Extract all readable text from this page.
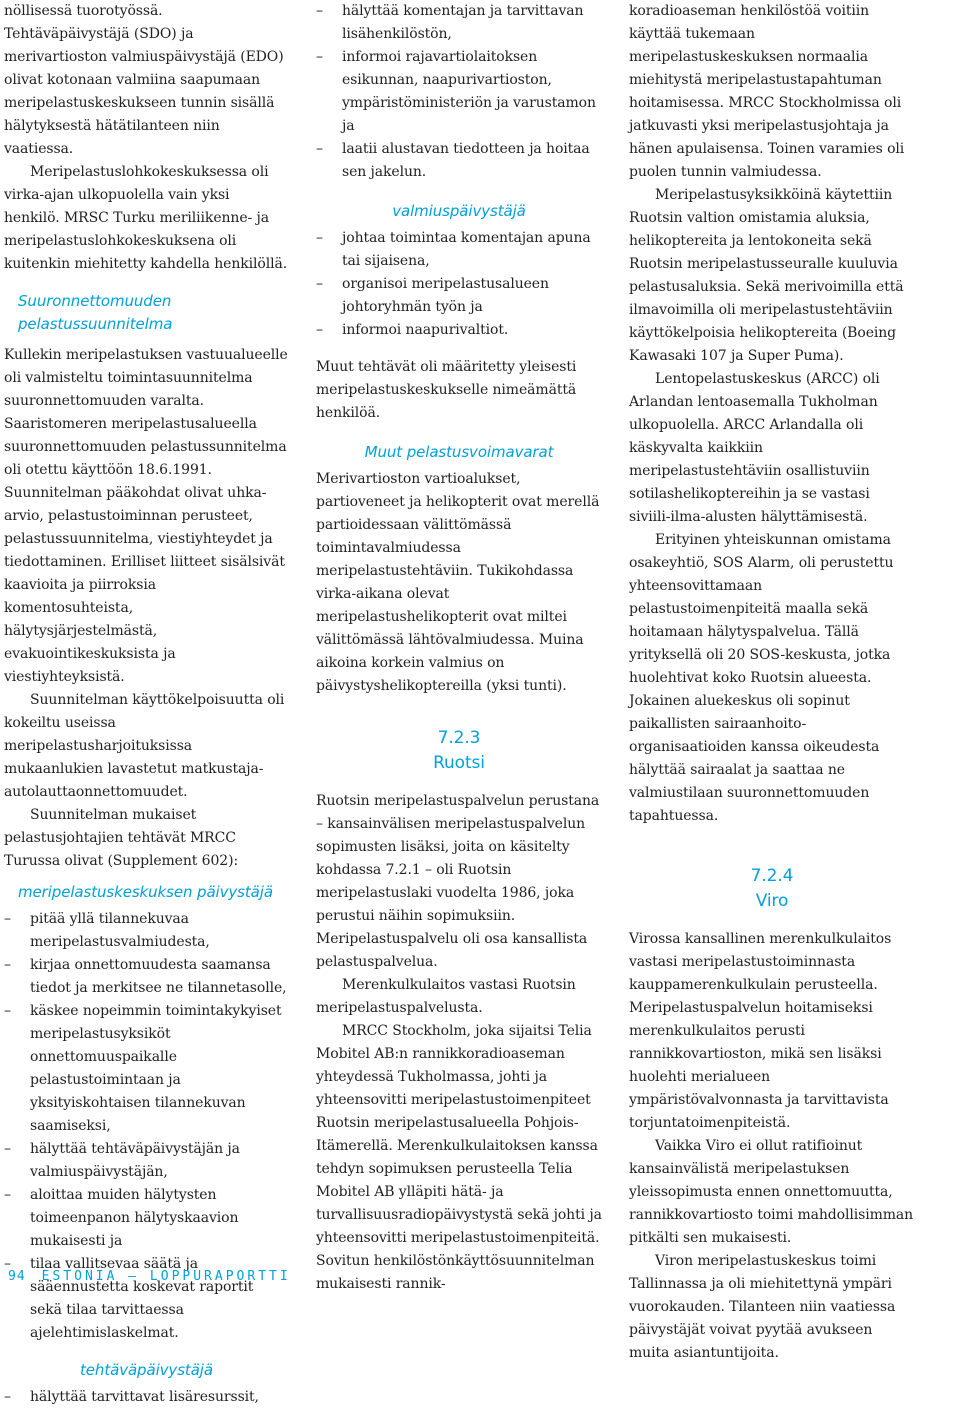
nöllisessä tuorotyössä. Tehtäväpäivystäjä (SDO) ja merivartioston valmiuspäivystäjä (EDO) olivat kotonaan valmiina saapumaan meripelastuskeskukseen tunnin sisällä hälytyksestä hätätilanteen niin vaatiessa.

Meripelastuslohkokeskuksessa oli virka-ajan ulkopuolella vain yksi henkilö. MRSC Turku meriliikenne- ja meripelastuslohkokeskuksena oli kuitenkin miehitetty kahdella henkilöllä.

Suuronnettomuuden
pelastussuunnitelma

Kullekin meripelastuksen vastuualueelle oli valmisteltu toimintasuunnitelma suuronnettomuuden varalta. Saaristomeren meripelastusalueella suuronnettomuuden pelastussunnitelma oli otettu käyttöön 18.6.1991. Suunnitelman pääkohdat olivat uhka-arvio, pelastustoiminnan perusteet, pelastussuunnitelma, viestiyhteydet ja tiedottaminen. Erilliset liitteet sisälsivät kaavioita ja piirroksia komentosuhteista, hälytysjärjestelmästä, evakuointikeskuksista ja viestiyhteyksistä.

Suunnitelman käyttökelpoisuutta oli kokeiltu useissa meripelastusharjoituksissa mukaanlukien lavastetut matkustaja-autolauttaonnettomuudet.

Suunnitelman mukaiset pelastusjohtajien tehtävät MRCC Turussa olivat (Supplement 602):

meripelastuskeskuksen päivystäjä

– pitää yllä tilannekuvaa meripelastusvalmiudesta,
– kirjaa onnettomuudesta saamansa tiedot ja merkitsee ne tilannetasolle,
– käskee nopeimmin toimintakykyiset meripelastusyksiköt onnettomuuspaikalle pelastustoimintaan ja yksityiskohtaisen tilannekuvan saamiseksi,
– hälyttää tehtäväpäivystäjän ja valmiuspäivystäjän,
– aloittaa muiden hälytysten toimeenpanon hälytyskaavion mukaisesti ja
– tilaa vallitsevaa säätä ja sääennustetta koskevat raportit sekä tilaa tarvittaessa ajelehtimislaskelmat.

tehtäväpäivystäjä

– hälyttää tarvittavat lisäresurssit,
– hälyttää komentajan ja tarvittavan lisähenkilöstön,
– informoi rajavartiolaitoksen esikunnan, naapurivartioston, ympäristöministeriön ja varustamon ja
– laatii alustavan tiedotteen ja hoitaa sen jakelun.

valmiuspäivystäjä

– johtaa toimintaa komentajan apuna tai sijaisena,
– organisoi meripelastusalueen johtoryhmän työn ja
– informoi naapurivaltiot.

Muut tehtävät oli määritetty yleisesti meripelastuskeskukselle nimeämättä henkilöä.

Muut pelastusvoimavarat

Merivartioston vartioalukset, partioveneet ja helikopterit ovat merellä partioidessaan välittömässä toimintavalmiudessa meripelastustehtäviin. Tukikohdassa virka-aikana olevat meripelastushelikopterit ovat miltei välittömässä lähtövalmiudessa. Muina aikoina korkein valmius on päivystyshelikoptereilla (yksi tunti).

7.2.3

Ruotsi

Ruotsin meripelastuspalvelun perustana – kansainvälisen meripelastuspalvelun sopimusten lisäksi, joita on käsitelty kohdassa 7.2.1 – oli Ruotsin meripelastuslaki vuodelta 1986, joka perustui näihin sopimuksiin. Meripelastuspalvelu oli osa kansallista pelastuspalvelua.

Merenkulkulaitos vastasi Ruotsin meripelastuspalvelusta.

MRCC Stockholm, joka sijaitsi Telia Mobitel AB:n rannikkoradioaseman yhteydessä Tukholmassa, johti ja yhteensovitti meripelastustoimenpiteet Ruotsin meripelastusalueella Pohjois-Itämerellä. Merenkulkulaitoksen kanssa tehdyn sopimuksen perusteella Telia Mobitel AB ylläpiti hätä- ja turvallisuusradiopäivystystä sekä johti ja yhteensovitti meripelastustoimenpiteitä. Sovitun henkilöstönkäyttösuunnitelman mukaisesti rannik-

koradioaseman henkilöstöä voitiin käyttää tukemaan meripelastuskeskuksen normaalia miehitystä meripelastustapahtuman hoitamisessa. MRCC Stockholmissa oli jatkuvasti yksi meripelastusjohtaja ja hänen apulaisensa. Toinen varamies oli puolen tunnin valmiudessa.

Meripelastusyksikköinä käytettiin Ruotsin valtion omistamia aluksia, helikoptereita ja lentokoneita sekä Ruotsin meripelastusseuralle kuuluvia pelastusaluksia. Sekä merivoimilla että ilmavoimilla oli meripelastustehtäviin käyttökelpoisia helikoptereita (Boeing Kawasaki 107 ja Super Puma).

Lentopelastuskeskus (ARCC) oli Arlandan lentoasemalla Tukholman ulkopuolella. ARCC Arlandalla oli käskyvalta kaikkiin meripelastustehtäviin osallistuviin sotilashelikoptereihin ja se vastasi siviili-ilma-alusten hälyttämisestä.

Erityinen yhteiskunnan omistama osakeyhtiö, SOS Alarm, oli perustettu yhteensovittamaan pelastustoimenpiteitä maalla sekä hoitamaan hälytyspalvelua. Tällä yrityksellä oli 20 SOS-keskusta, jotka huolehtivat koko Ruotsin alueesta. Jokainen aluekeskus oli sopinut paikallisten sairaanhoito-organisaatioiden kanssa oikeudesta hälyttää sairaalat ja saattaa ne valmiustilaan suuronnettomuuden tapahtuessa.

7.2.4

Viro

Virossa kansallinen merenkulkulaitos vastasi meripelastustoiminnasta kauppamerenkulkulain perusteella. Meripelastuspalvelun hoitamiseksi merenkulkulaitos perusti rannikkovartioston, mikä sen lisäksi huolehti merialueen ympäristövalvonnasta ja tarvittavista torjuntatoimenpiteistä.

Vaikka Viro ei ollut ratifioinut kansainvälistä meripelastuksen yleissopimusta ennen onnettomuutta, rannikkovartiosto toimi mahdollisimman pitkälti sen mukaisesti.

Viron meripelastuskeskus toimi Tallinnassa ja oli miehitettynä ympäri vuorokauden. Tilanteen niin vaatiessa päivystäjät voivat pyytää avukseen muita asiantuntijoita.

94 ESTONIA — LOPPURAPORTTI
